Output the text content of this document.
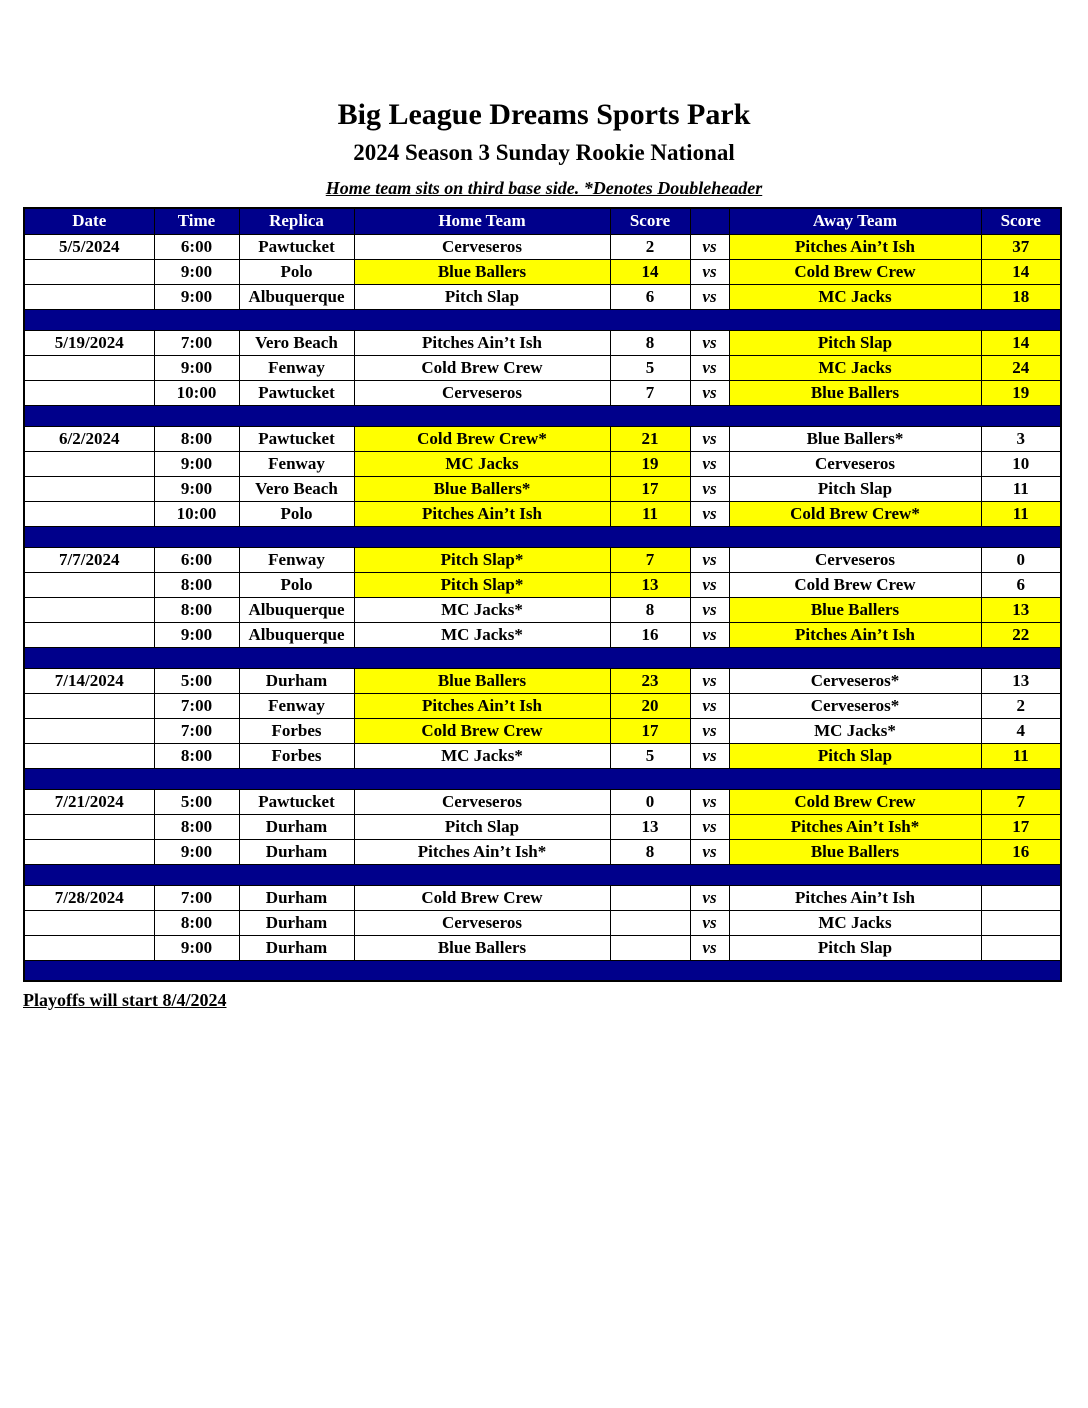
Big League Dreams Sports Park
2024 Season 3 Sunday Rookie National
Home team sits on third base side. *Denotes Doubleheader
Date	Time	Replica	Home Team	Score		Away Team	Score
5/5/2024	6:00	Pawtucket	Cerveseros	2	vs	Pitches Ain’t Ish	37
	9:00	Polo	Blue Ballers	14	vs	Cold Brew Crew	14
	9:00	Albuquerque	Pitch Slap	6	vs	MC Jacks	18

5/19/2024	7:00	Vero Beach	Pitches Ain’t Ish	8	vs	Pitch Slap	14
	9:00	Fenway	Cold Brew Crew	5	vs	MC Jacks	24
	10:00	Pawtucket	Cerveseros	7	vs	Blue Ballers	19

6/2/2024	8:00	Pawtucket	Cold Brew Crew*	21	vs	Blue Ballers*	3
	9:00	Fenway	MC Jacks	19	vs	Cerveseros	10
	9:00	Vero Beach	Blue Ballers*	17	vs	Pitch Slap	11
	10:00	Polo	Pitches Ain’t Ish	11	vs	Cold Brew Crew*	11

7/7/2024	6:00	Fenway	Pitch Slap*	7	vs	Cerveseros	0
	8:00	Polo	Pitch Slap*	13	vs	Cold Brew Crew	6
	8:00	Albuquerque	MC Jacks*	8	vs	Blue Ballers	13
	9:00	Albuquerque	MC Jacks*	16	vs	Pitches Ain’t Ish	22

7/14/2024	5:00	Durham	Blue Ballers	23	vs	Cerveseros*	13
	7:00	Fenway	Pitches Ain’t Ish	20	vs	Cerveseros*	2
	7:00	Forbes	Cold Brew Crew	17	vs	MC Jacks*	4
	8:00	Forbes	MC Jacks*	5	vs	Pitch Slap	11

7/21/2024	5:00	Pawtucket	Cerveseros	0	vs	Cold Brew Crew	7
	8:00	Durham	Pitch Slap	13	vs	Pitches Ain’t Ish*	17
	9:00	Durham	Pitches Ain’t Ish*	8	vs	Blue Ballers	16

7/28/2024	7:00	Durham	Cold Brew Crew		vs	Pitches Ain’t Ish	
	8:00	Durham	Cerveseros		vs	MC Jacks	
	9:00	Durham	Blue Ballers		vs	Pitch Slap	

Playoffs will start 8/4/2024
